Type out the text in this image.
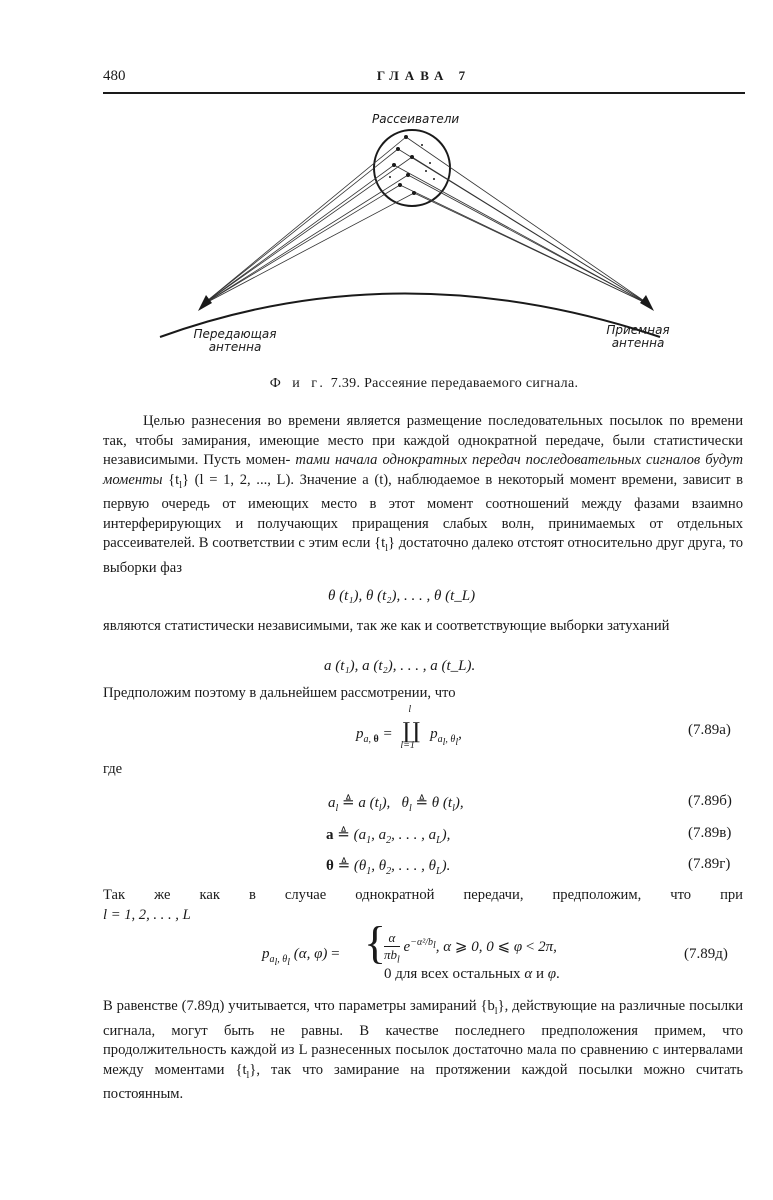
480	ГЛАВА 7
Рассеиватели
Передающая
антенна
Приемная
антенна
Ф и г. 7.39. Рассеяние передаваемого сигнала.
Целью разнесения во времени является размещение последовательных посылок по времени так, чтобы замирания, имеющие место при каждой однократной передаче, были статистически независимыми. Пусть момен- тами начала однократных передач последовательных сигналов будут моменты $\{t_l\} (l = 1$, 2, ..., L). Значение a (t), наблюдаемое в некоторый момент времени, зависит в первую очередь от имеющих место в этот момент соотношений между фазами взаимно интерферирующих и получающих приращения слабых волн, принимаемых от отдельных рассеивателей. В соответствии с этим если $\{t_l\}$ достаточно далеко отстоят относительно друг друга, то выборки фаз
θ (t₁), θ (t₂), . . . , θ (t_L)
являются статистически независимыми, так же как и соответствующие выборки затуханий
a (t₁), a (t₂), . . . , a (t_L).
Предположим поэтому в дальнейшем рассмотрении, что
$p_{a, \theta}$ =
l
∐
l=1
$p_{a_l, \theta_l}$,	(7.89а)
где
$a_l$ ≜ a $(t_l)$,   $\theta_l$ ≜ θ $(t_l)$,	(7.89б)
a ≜ ($a_1$, $a_2$, . . . , $a_L$),	(7.89в)
θ ≜ ($\theta_1$, $\theta_2$, . . . , $\theta_L$).	(7.89г)
Так же как в случае однократной передачи, предположим, что при
l = 1, 2, . . . , L
$p_{a_l, \theta_l}$ (α, φ) = { α
$\pi b_l$
$e^{-\alpha^2/b_l}$, α ⩾ 0, 0 ⩽ φ < 2π,
0 для всех остальных α и φ.
(7.89д)
В равенстве (7.89д) учитывается, что параметры замираний $\{b_l\}$, действующие на различные посылки сигнала, могут быть не равны. В качестве последнего предположения примем, что продолжительность каждой из L разнесенных посылок достаточно мала по сравнению с интервалами между моментами $\{t_l\}$, так что замирание на протяжении каждой посылки можно считать постоянным.
